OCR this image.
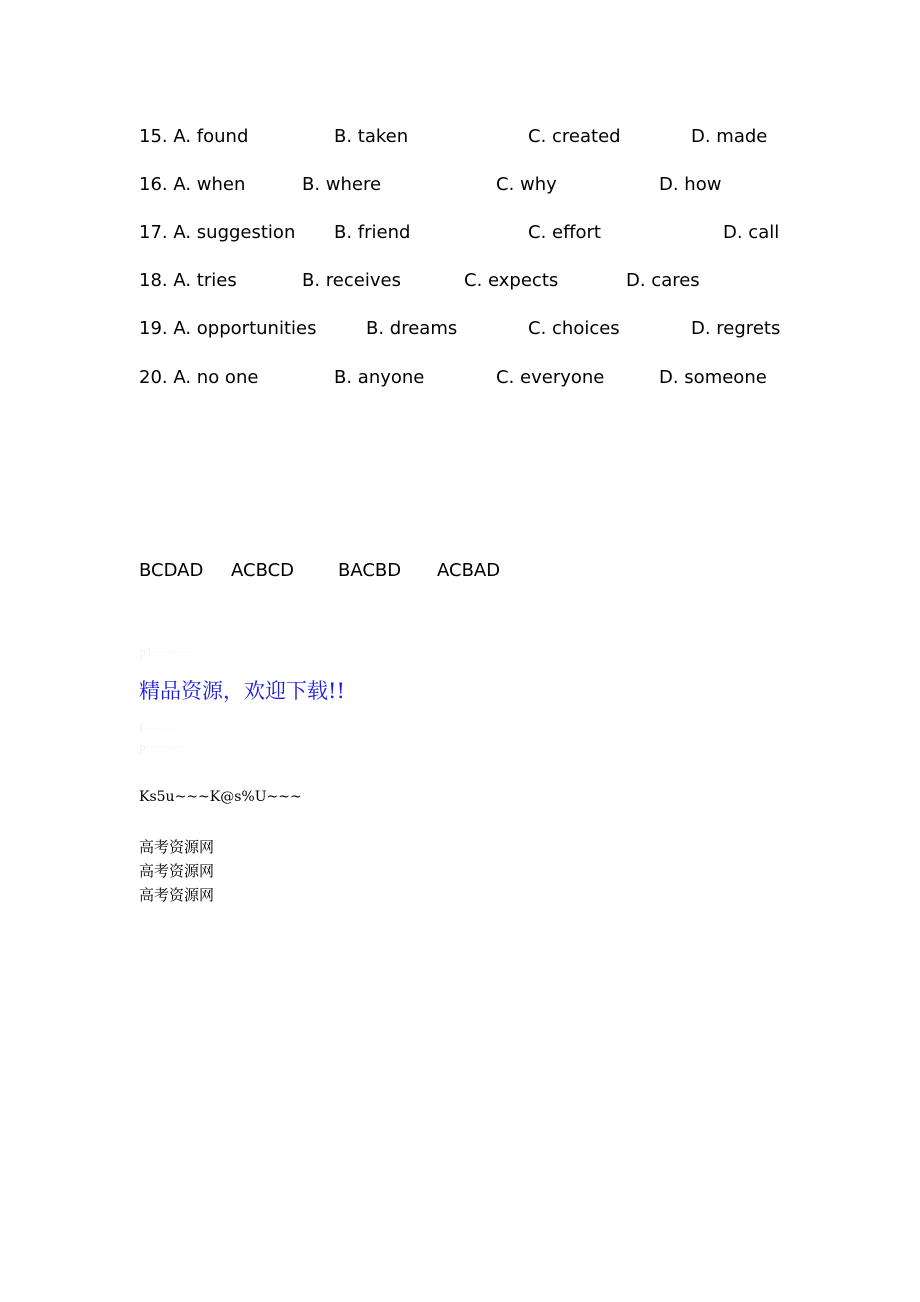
15. A. found	B. taken	C. created	D. made
16. A. when	B. where	C. why	D. how
17. A. suggestion B. friend	C. effort	D. call
18. A. tries	B. receives	C. expects	D. cares
19. A. opportunities	B. dreams	C. choices	D. regrets
20. A. no one	B. anyone	C. everyone	D. someone
BCDAD ACBCD BACBD ACBAD
p1···········
精品资源，欢迎下载!!
f·········
p···········
Ks5u~~~K@s%U~~~
高考资源网
高考资源网
高考资源网
